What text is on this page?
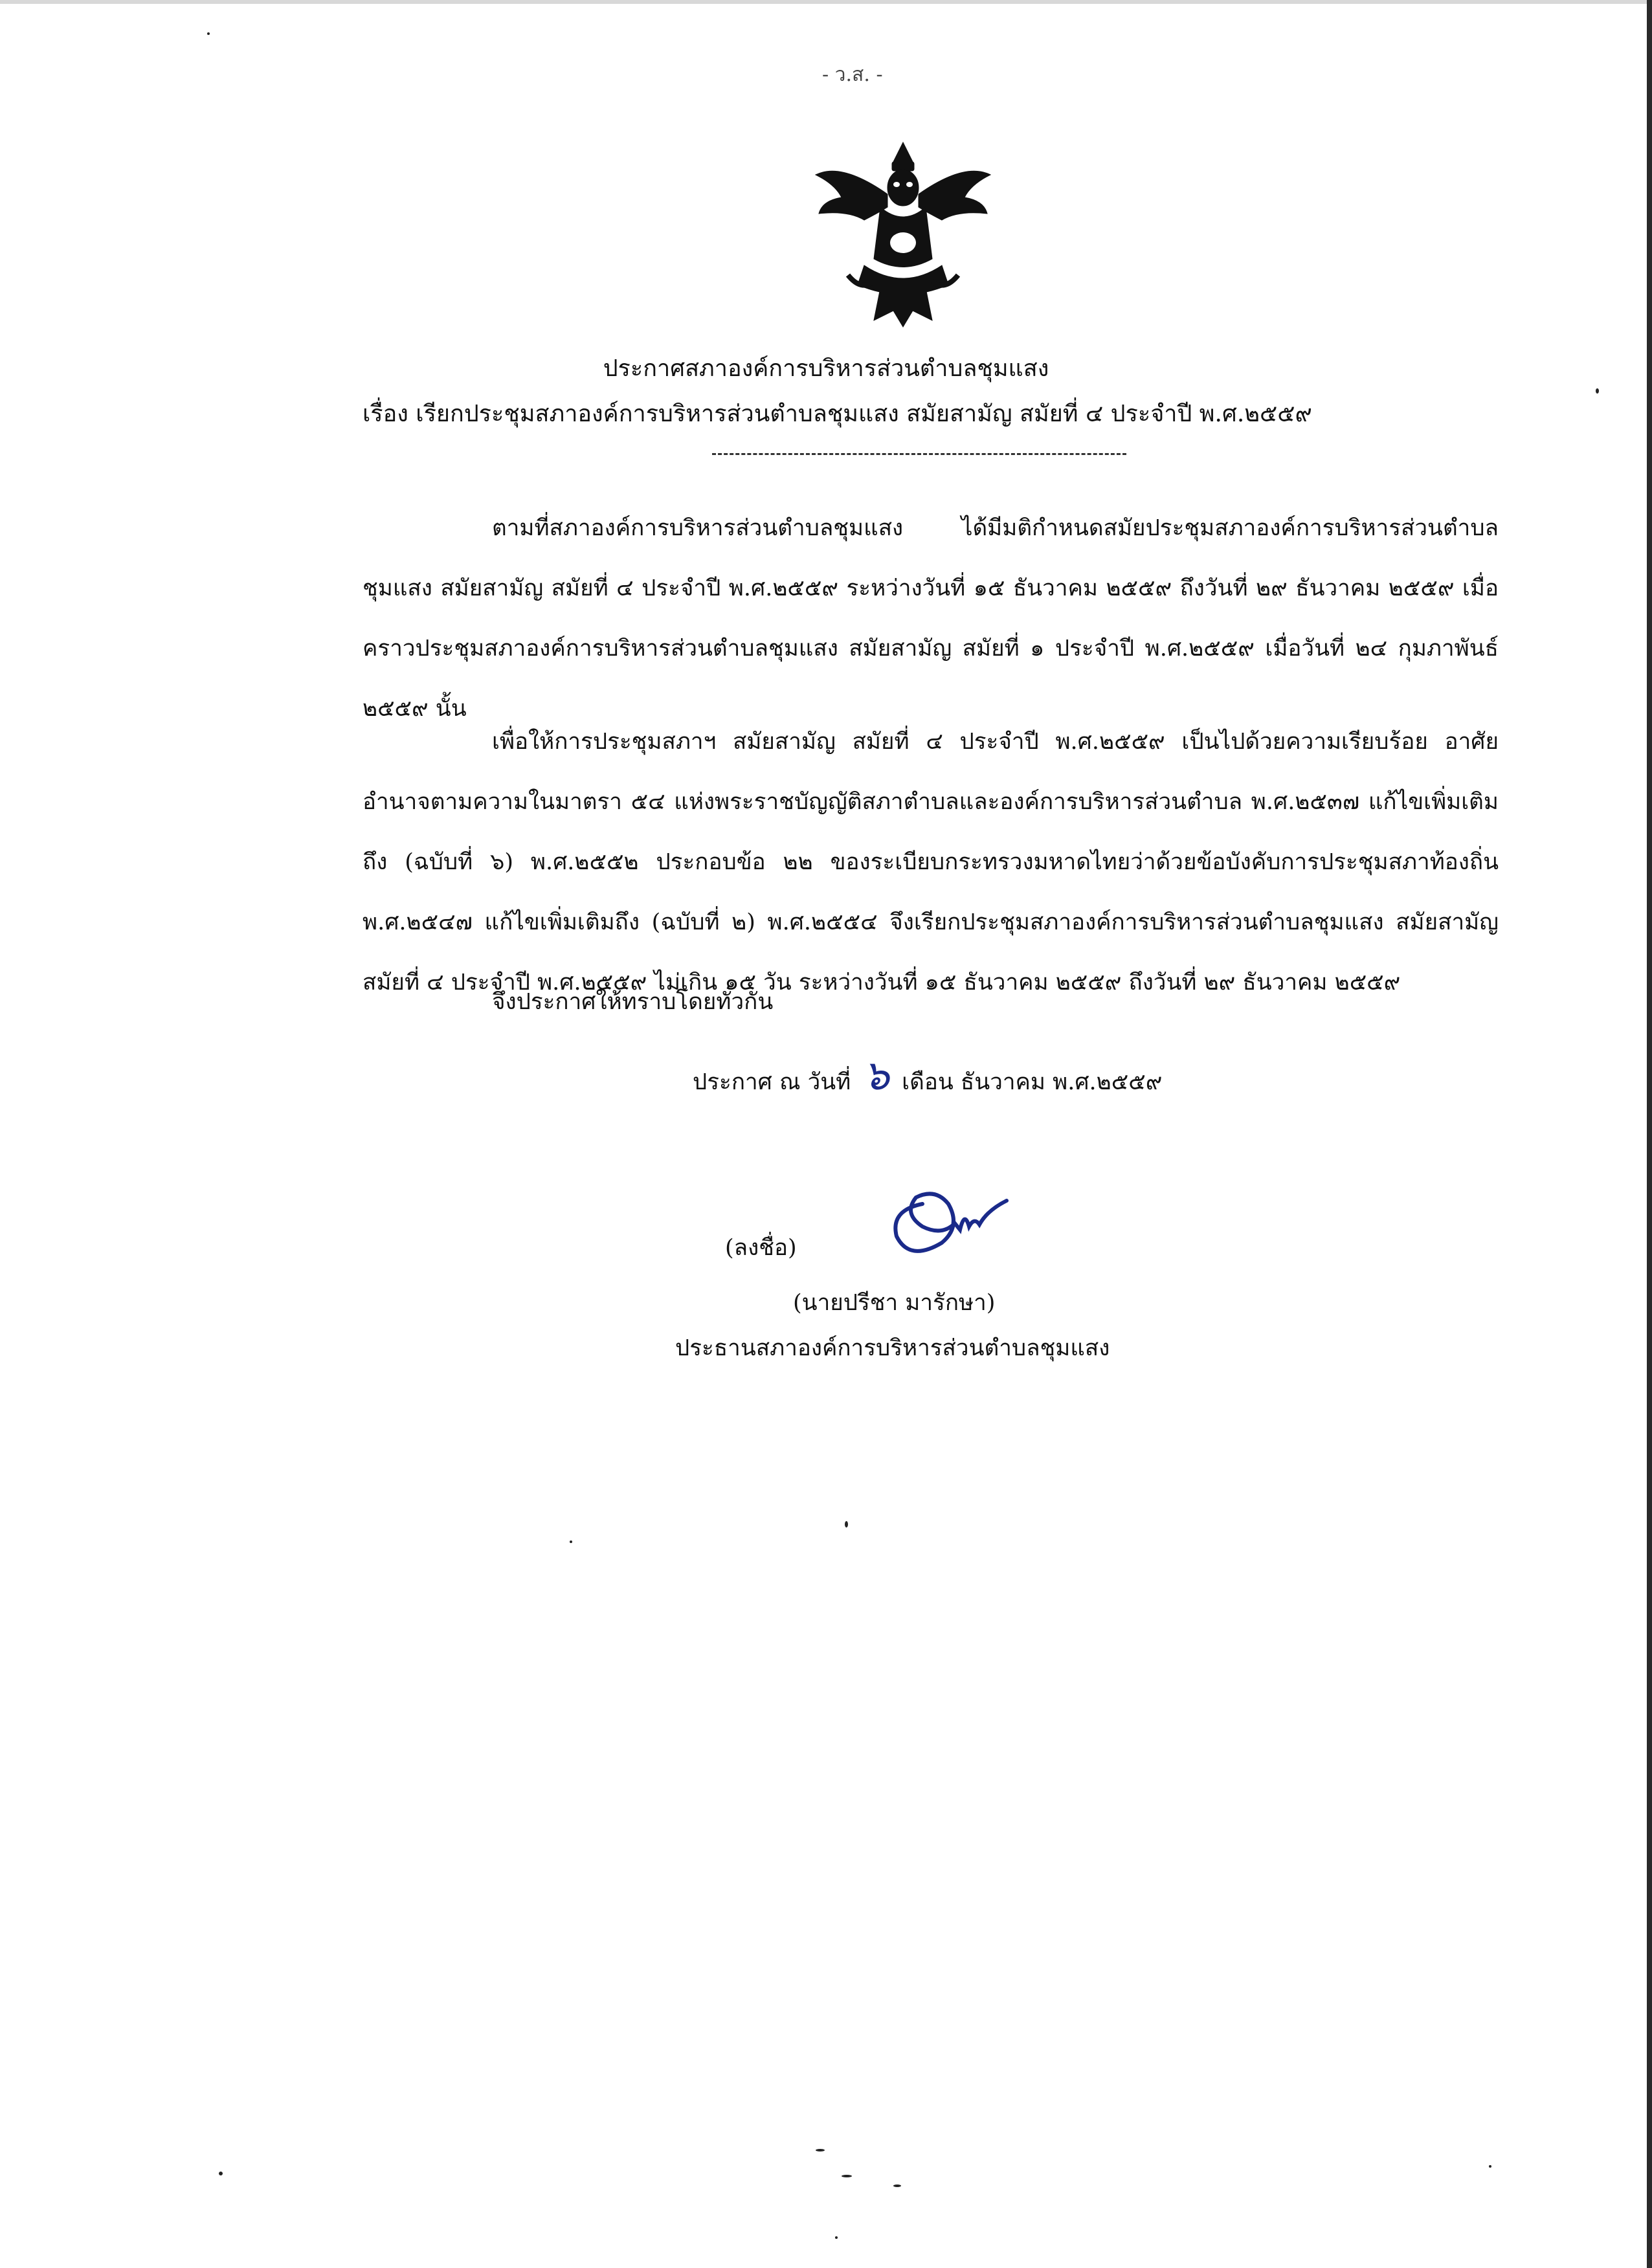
- ว.ส. -
ประกาศสภาองค์การบริหารส่วนตำบลชุมแสง
เรื่อง เรียกประชุมสภาองค์การบริหารส่วนตำบลชุมแสง สมัยสามัญ สมัยที่ ๔ ประจำปี พ.ศ.๒๕๕๙
ตามที่สภาองค์การบริหารส่วนตำบลชุมแสง ได้มีมติกำหนดสมัยประชุมสภาองค์การบริหารส่วนตำบลชุมแสง สมัยสามัญ สมัยที่ ๔ ประจำปี พ.ศ.๒๕๕๙ ระหว่างวันที่ ๑๕ ธันวาคม ๒๕๕๙ ถึงวันที่ ๒๙ ธันวาคม ๒๕๕๙ เมื่อคราวประชุมสภาองค์การบริหารส่วนตำบลชุมแสง สมัยสามัญ สมัยที่ ๑ ประจำปี พ.ศ.๒๕๕๙ เมื่อวันที่ ๒๔ กุมภาพันธ์ ๒๕๕๙ นั้น
เพื่อให้การประชุมสภาฯ สมัยสามัญ สมัยที่ ๔ ประจำปี พ.ศ.๒๕๕๙ เป็นไปด้วยความเรียบร้อย อาศัยอำนาจตามความในมาตรา ๕๔ แห่งพระราชบัญญัติสภาตำบลและองค์การบริหารส่วนตำบล พ.ศ.๒๕๓๗ แก้ไขเพิ่มเติมถึง (ฉบับที่ ๖) พ.ศ.๒๕๕๒ ประกอบข้อ ๒๒ ของระเบียบกระทรวงมหาดไทยว่าด้วยข้อบังคับการประชุมสภาท้องถิ่น พ.ศ.๒๕๔๗ แก้ไขเพิ่มเติมถึง (ฉบับที่ ๒) พ.ศ.๒๕๕๔ จึงเรียกประชุมสภาองค์การบริหารส่วนตำบลชุมแสง สมัยสามัญ สมัยที่ ๔ ประจำปี พ.ศ.๒๕๕๙ ไม่เกิน ๑๕ วัน ระหว่างวันที่ ๑๕ ธันวาคม ๒๕๕๙ ถึงวันที่ ๒๙ ธันวาคม ๒๕๕๙
จึงประกาศให้ทราบโดยทั่วกัน
ประกาศ ณ วันที่ ๖ เดือน ธันวาคม พ.ศ.๒๕๕๙
(ลงชื่อ)
(นายปรีชา มารักษา)
ประธานสภาองค์การบริหารส่วนตำบลชุมแสง
